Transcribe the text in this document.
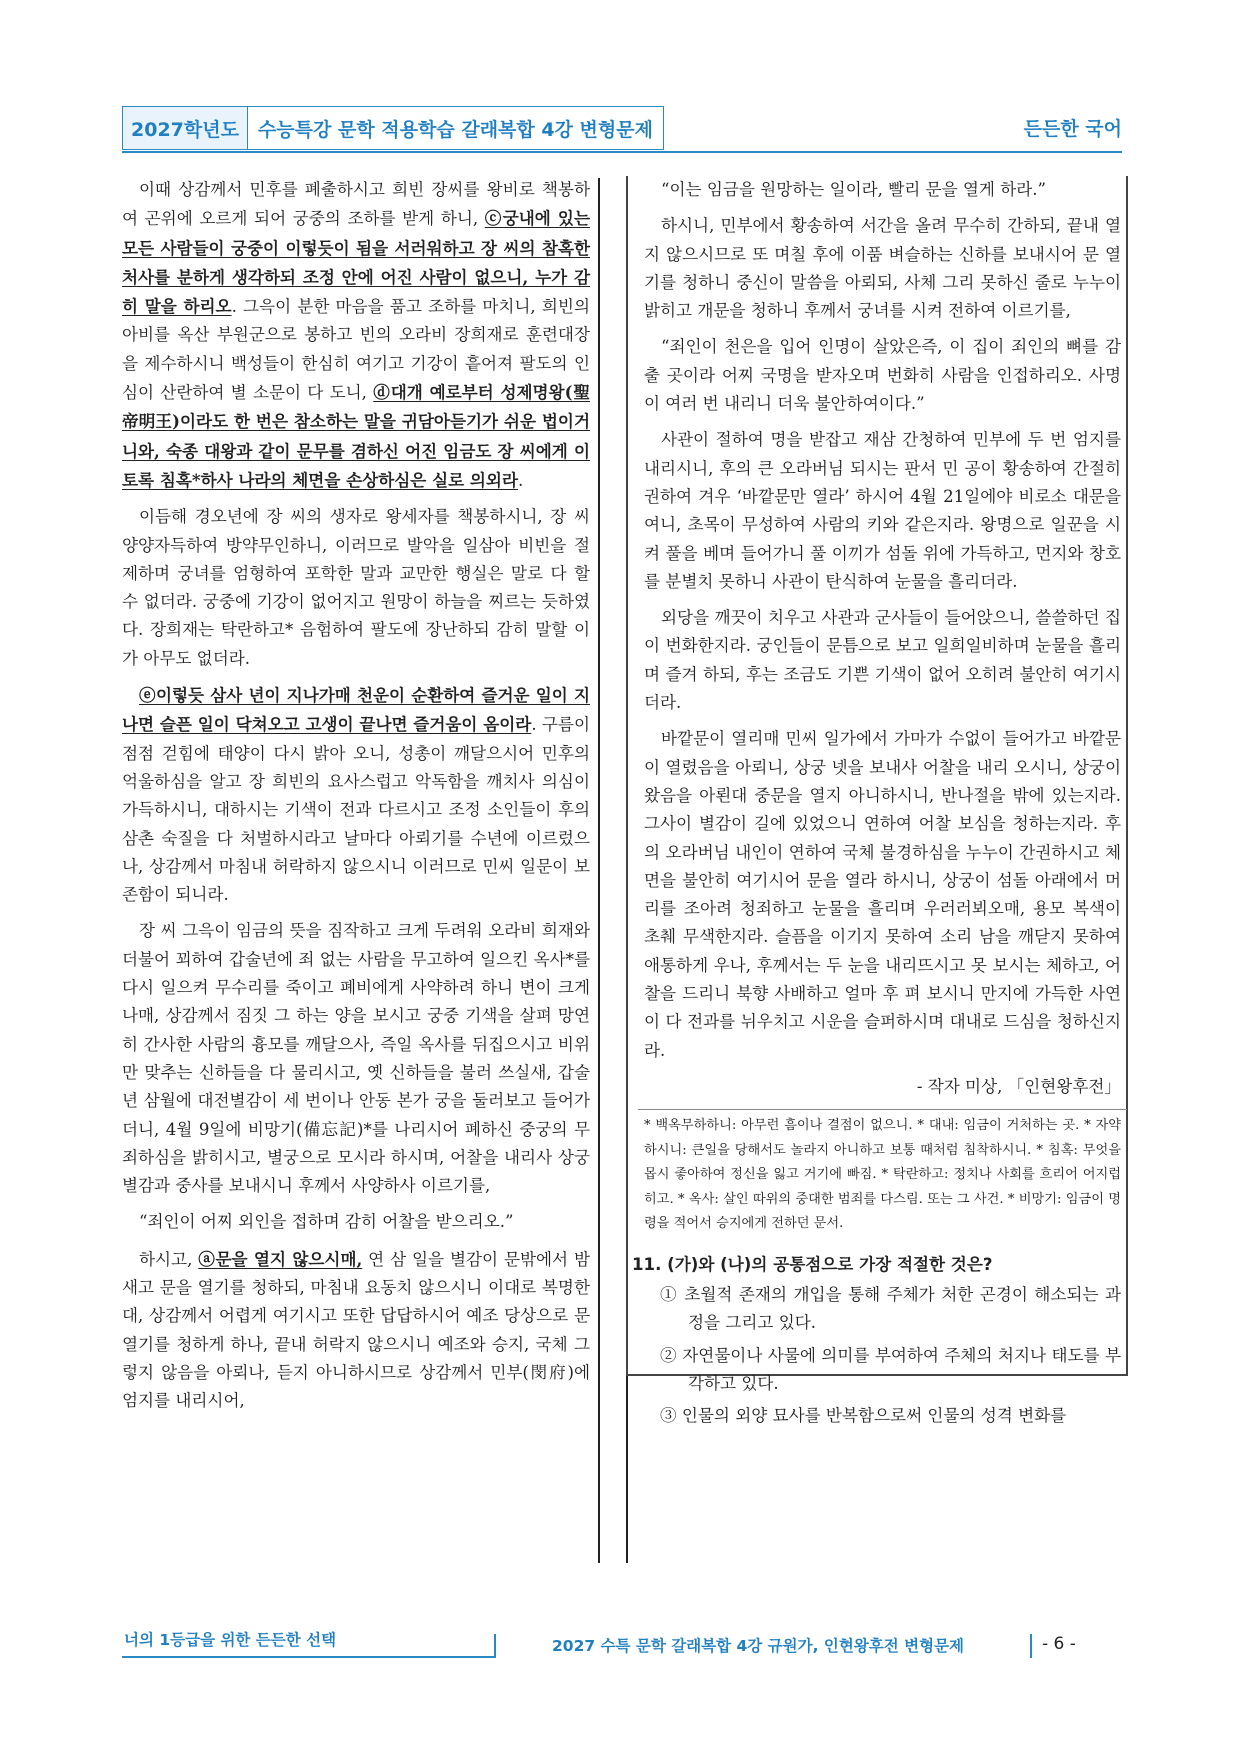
2027학년도	수능특강 문학 적용학습 갈래복합 4강 변형문제	든든한 국어

이때 상감께서 민후를 폐출하시고 희빈 장씨를 왕비로 책봉하여 곤위에 오르게 되어 궁중의 조하를 받게 하니, ⓒ궁내에 있는 모든 사람들이 궁중이 이렇듯이 됨을 서러워하고 장 씨의 참혹한 처사를 분하게 생각하되 조정 안에 어진 사람이 없으니, 누가 감히 말을 하리오. 그윽이 분한 마음을 품고 조하를 마치니, 희빈의 아비를 옥산 부원군으로 봉하고 빈의 오라비 장희재로 훈련대장을 제수하시니 백성들이 한심히 여기고 기강이 흩어져 팔도의 인심이 산란하여 별 소문이 다 도니, ⓓ대개 예로부터 성제명왕(聖帝明王)이라도 한 번은 참소하는 말을 귀담아듣기가 쉬운 법이거니와, 숙종 대왕과 같이 문무를 겸하신 어진 임금도 장 씨에게 이토록 침혹*하사 나라의 체면을 손상하심은 실로 의외라.

이듬해 경오년에 장 씨의 생자로 왕세자를 책봉하시니, 장 씨 양양자득하여 방약무인하니, 이러므로 발악을 일삼아 비빈을 절제하며 궁녀를 엄형하여 포학한 말과 교만한 행실은 말로 다 할 수 없더라. 궁중에 기강이 없어지고 원망이 하늘을 찌르는 듯하였다. 장희재는 탁란하고* 음험하여 팔도에 장난하되 감히 말할 이가 아무도 없더라.

ⓔ이렇듯 삼사 년이 지나가매 천운이 순환하여 즐거운 일이 지나면 슬픈 일이 닥쳐오고 고생이 끝나면 즐거움이 옴이라. 구름이 점점 걷힘에 태양이 다시 밝아 오니, 성총이 깨달으시어 민후의 억울하심을 알고 장 희빈의 요사스럽고 악독함을 깨치사 의심이 가득하시니, 대하시는 기색이 전과 다르시고 조정 소인들이 후의 삼촌 숙질을 다 처벌하시라고 날마다 아뢰기를 수년에 이르렀으나, 상감께서 마침내 허락하지 않으시니 이러므로 민씨 일문이 보존함이 되니라.

장 씨 그윽이 임금의 뜻을 짐작하고 크게 두려워 오라비 희재와 더불어 꾀하여 갑술년에 죄 없는 사람을 무고하여 일으킨 옥사*를 다시 일으켜 무수리를 죽이고 폐비에게 사약하려 하니 변이 크게 나매, 상감께서 짐짓 그 하는 양을 보시고 궁중 기색을 살펴 망연히 간사한 사람의 흉모를 깨달으사, 즉일 옥사를 뒤집으시고 비위만 맞추는 신하들을 다 물리시고, 옛 신하들을 불러 쓰실새, 갑술년 삼월에 대전별감이 세 번이나 안동 본가 궁을 둘러보고 들어가더니, 4월 9일에 비망기(備忘記)*를 나리시어 폐하신 중궁의 무죄하심을 밝히시고, 별궁으로 모시라 하시며, 어찰을 내리사 상궁 별감과 중사를 보내시니 후께서 사양하사 이르기를,

“죄인이 어찌 외인을 접하며 감히 어찰을 받으리오.”

하시고, ⓐ문을 열지 않으시매, 연 삼 일을 별감이 문밖에서 밤새고 문을 열기를 청하되, 마침내 요동치 않으시니 이대로 복명한대, 상감께서 어렵게 여기시고 또한 답답하시어 예조 당상으로 문 열기를 청하게 하나, 끝내 허락지 않으시니 예조와 승지, 국체 그렇지 않음을 아뢰나, 듣지 아니하시므로 상감께서 민부(閔府)에 엄지를 내리시어,

“이는 임금을 원망하는 일이라, 빨리 문을 열게 하라.”

하시니, 민부에서 황송하여 서간을 올려 무수히 간하되, 끝내 열지 않으시므로 또 며칠 후에 이품 벼슬하는 신하를 보내시어 문 열기를 청하니 중신이 말씀을 아뢰되, 사체 그리 못하신 줄로 누누이 밝히고 개문을 청하니 후께서 궁녀를 시켜 전하여 이르기를,

“죄인이 천은을 입어 인명이 살았은즉, 이 집이 죄인의 뼈를 감출 곳이라 어찌 국명을 받자오며 번화히 사람을 인접하리오. 사명이 여러 번 내리니 더욱 불안하여이다.”

사관이 절하여 명을 받잡고 재삼 간청하여 민부에 두 번 엄지를 내리시니, 후의 큰 오라버님 되시는 판서 민 공이 황송하여 간절히 권하여 겨우 ‘바깥문만 열라’ 하시어 4월 21일에야 비로소 대문을 여니, 초목이 무성하여 사람의 키와 같은지라. 왕명으로 일꾼을 시켜 풀을 베며 들어가니 풀 이끼가 섬돌 위에 가득하고, 먼지와 창호를 분별치 못하니 사관이 탄식하여 눈물을 흘리더라.

외당을 깨끗이 치우고 사관과 군사들이 들어앉으니, 쓸쓸하던 집이 번화한지라. 궁인들이 문틈으로 보고 일희일비하며 눈물을 흘리며 즐겨 하되, 후는 조금도 기쁜 기색이 없어 오히려 불안히 여기시더라.

바깥문이 열리매 민씨 일가에서 가마가 수없이 들어가고 바깥문이 열렸음을 아뢰니, 상궁 넷을 보내사 어찰을 내리 오시니, 상궁이 왔음을 아뢴대 중문을 열지 아니하시니, 반나절을 밖에 있는지라. 그사이 별감이 길에 있었으니 연하여 어찰 보심을 청하는지라. 후의 오라버님 내인이 연하여 국체 불경하심을 누누이 간권하시고 체면을 불안히 여기시어 문을 열라 하시니, 상궁이 섬돌 아래에서 머리를 조아려 청죄하고 눈물을 흘리며 우러러뵈오매, 용모 복색이 초췌 무색한지라. 슬픔을 이기지 못하여 소리 남을 깨닫지 못하여 애통하게 우나, 후께서는 두 눈을 내리뜨시고 못 보시는 체하고, 어찰을 드리니 북향 사배하고 얼마 후 펴 보시니 만지에 가득한 사연이 다 전과를 뉘우치고 시운을 슬퍼하시며 대내로 드심을 청하신지라.

- 작자 미상, 「인현왕후전」

* 백옥무하하니: 아무런 흠이나 결점이 없으니. * 대내: 임금이 거처하는 곳. * 자약하시니: 큰일을 당해서도 놀라지 아니하고 보통 때처럼 침착하시니. * 침혹: 무엇을 몹시 좋아하여 정신을 잃고 거기에 빠짐. * 탁란하고: 정치나 사회를 흐리어 어지럽히고. * 옥사: 살인 따위의 중대한 범죄를 다스림. 또는 그 사건. * 비망기: 임금이 명령을 적어서 승지에게 전하던 문서.
11. (가)와 (나)의 공통점으로 가장 적절한 것은?
① 초월적 존재의 개입을 통해 주체가 처한 곤경이 해소되는 과정을 그리고 있다.
② 자연물이나 사물에 의미를 부여하여 주체의 처지나 태도를 부각하고 있다.
③ 인물의 외양 묘사를 반복함으로써 인물의 성격 변화를
너의 1등급을 위한 든든한 선택	2027 수특 문학 갈래복합 4강 규원가, 인현왕후전 변형문제	- 6 -
